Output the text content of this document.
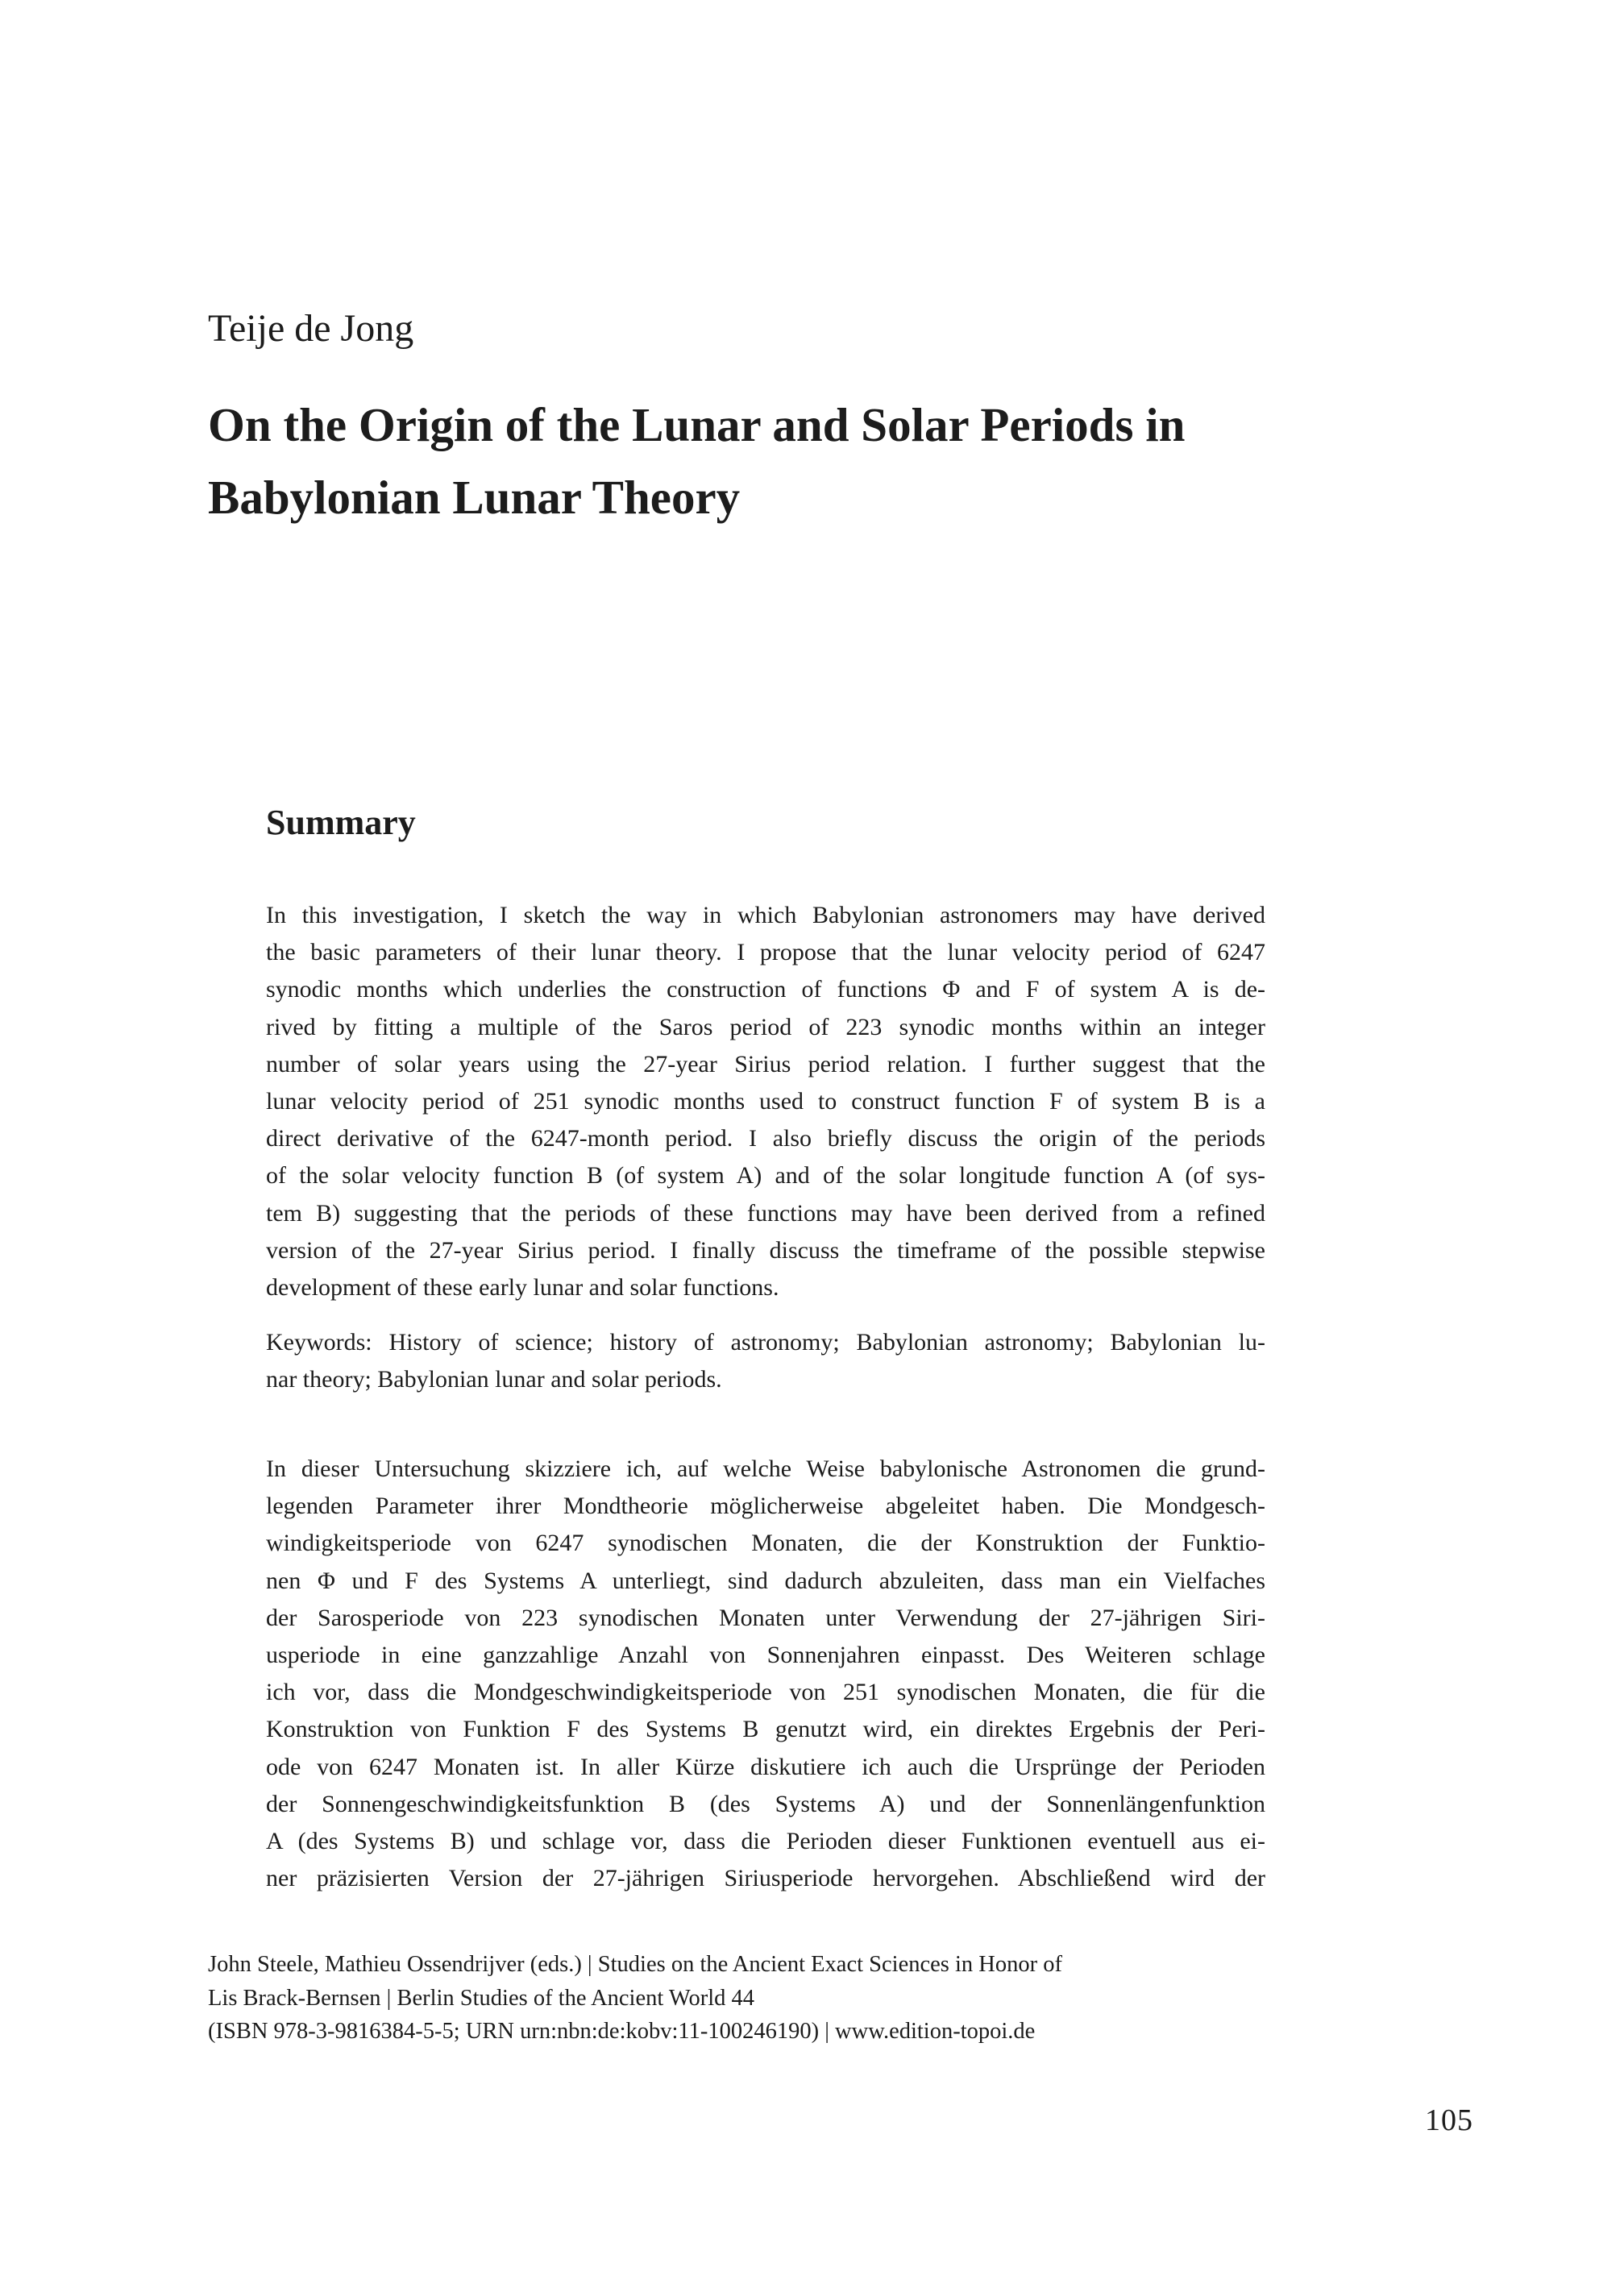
Teije de Jong

On the Origin of the Lunar and Solar Periods in
Babylonian Lunar Theory
Summary

In this investigation, I sketch the way in which Babylonian astronomers may have derived
the basic parameters of their lunar theory. I propose that the lunar velocity period of 6247
synodic months which underlies the construction of functions Φ and F of system A is de-
rived by fitting a multiple of the Saros period of 223 synodic months within an integer
number of solar years using the 27-year Sirius period relation. I further suggest that the
lunar velocity period of 251 synodic months used to construct function F of system B is a
direct derivative of the 6247-month period. I also briefly discuss the origin of the periods
of the solar velocity function B (of system A) and of the solar longitude function A (of sys-
tem B) suggesting that the periods of these functions may have been derived from a refined
version of the 27-year Sirius period. I finally discuss the timeframe of the possible stepwise
development of these early lunar and solar functions.

Keywords: History of science; history of astronomy; Babylonian astronomy; Babylonian lu-
nar theory; Babylonian lunar and solar periods.

In dieser Untersuchung skizziere ich, auf welche Weise babylonische Astronomen die grund-
legenden Parameter ihrer Mondtheorie möglicherweise abgeleitet haben. Die Mondgesch-
windigkeitsperiode von 6247 synodischen Monaten, die der Konstruktion der Funktio-
nen Φ und F des Systems A unterliegt, sind dadurch abzuleiten, dass man ein Vielfaches
der Sarosperiode von 223 synodischen Monaten unter Verwendung der 27-jährigen Siri-
usperiode in eine ganzzahlige Anzahl von Sonnenjahren einpasst. Des Weiteren schlage
ich vor, dass die Mondgeschwindigkeitsperiode von 251 synodischen Monaten, die für die
Konstruktion von Funktion F des Systems B genutzt wird, ein direktes Ergebnis der Peri-
ode von 6247 Monaten ist. In aller Kürze diskutiere ich auch die Ursprünge der Perioden
der Sonnengeschwindigkeitsfunktion B (des Systems A) und der Sonnenlängenfunktion
A (des Systems B) und schlage vor, dass die Perioden dieser Funktionen eventuell aus ei-
ner präzisierten Version der 27-jährigen Siriusperiode hervorgehen. Abschließend wird der

John Steele, Mathieu Ossendrijver (eds.) | Studies on the Ancient Exact Sciences in Honor of
Lis Brack-Bernsen | Berlin Studies of the Ancient World 44
(ISBN 978-3-9816384-5-5; URN urn:nbn:de:kobv:11-100246190) | www.edition-topoi.de
105
